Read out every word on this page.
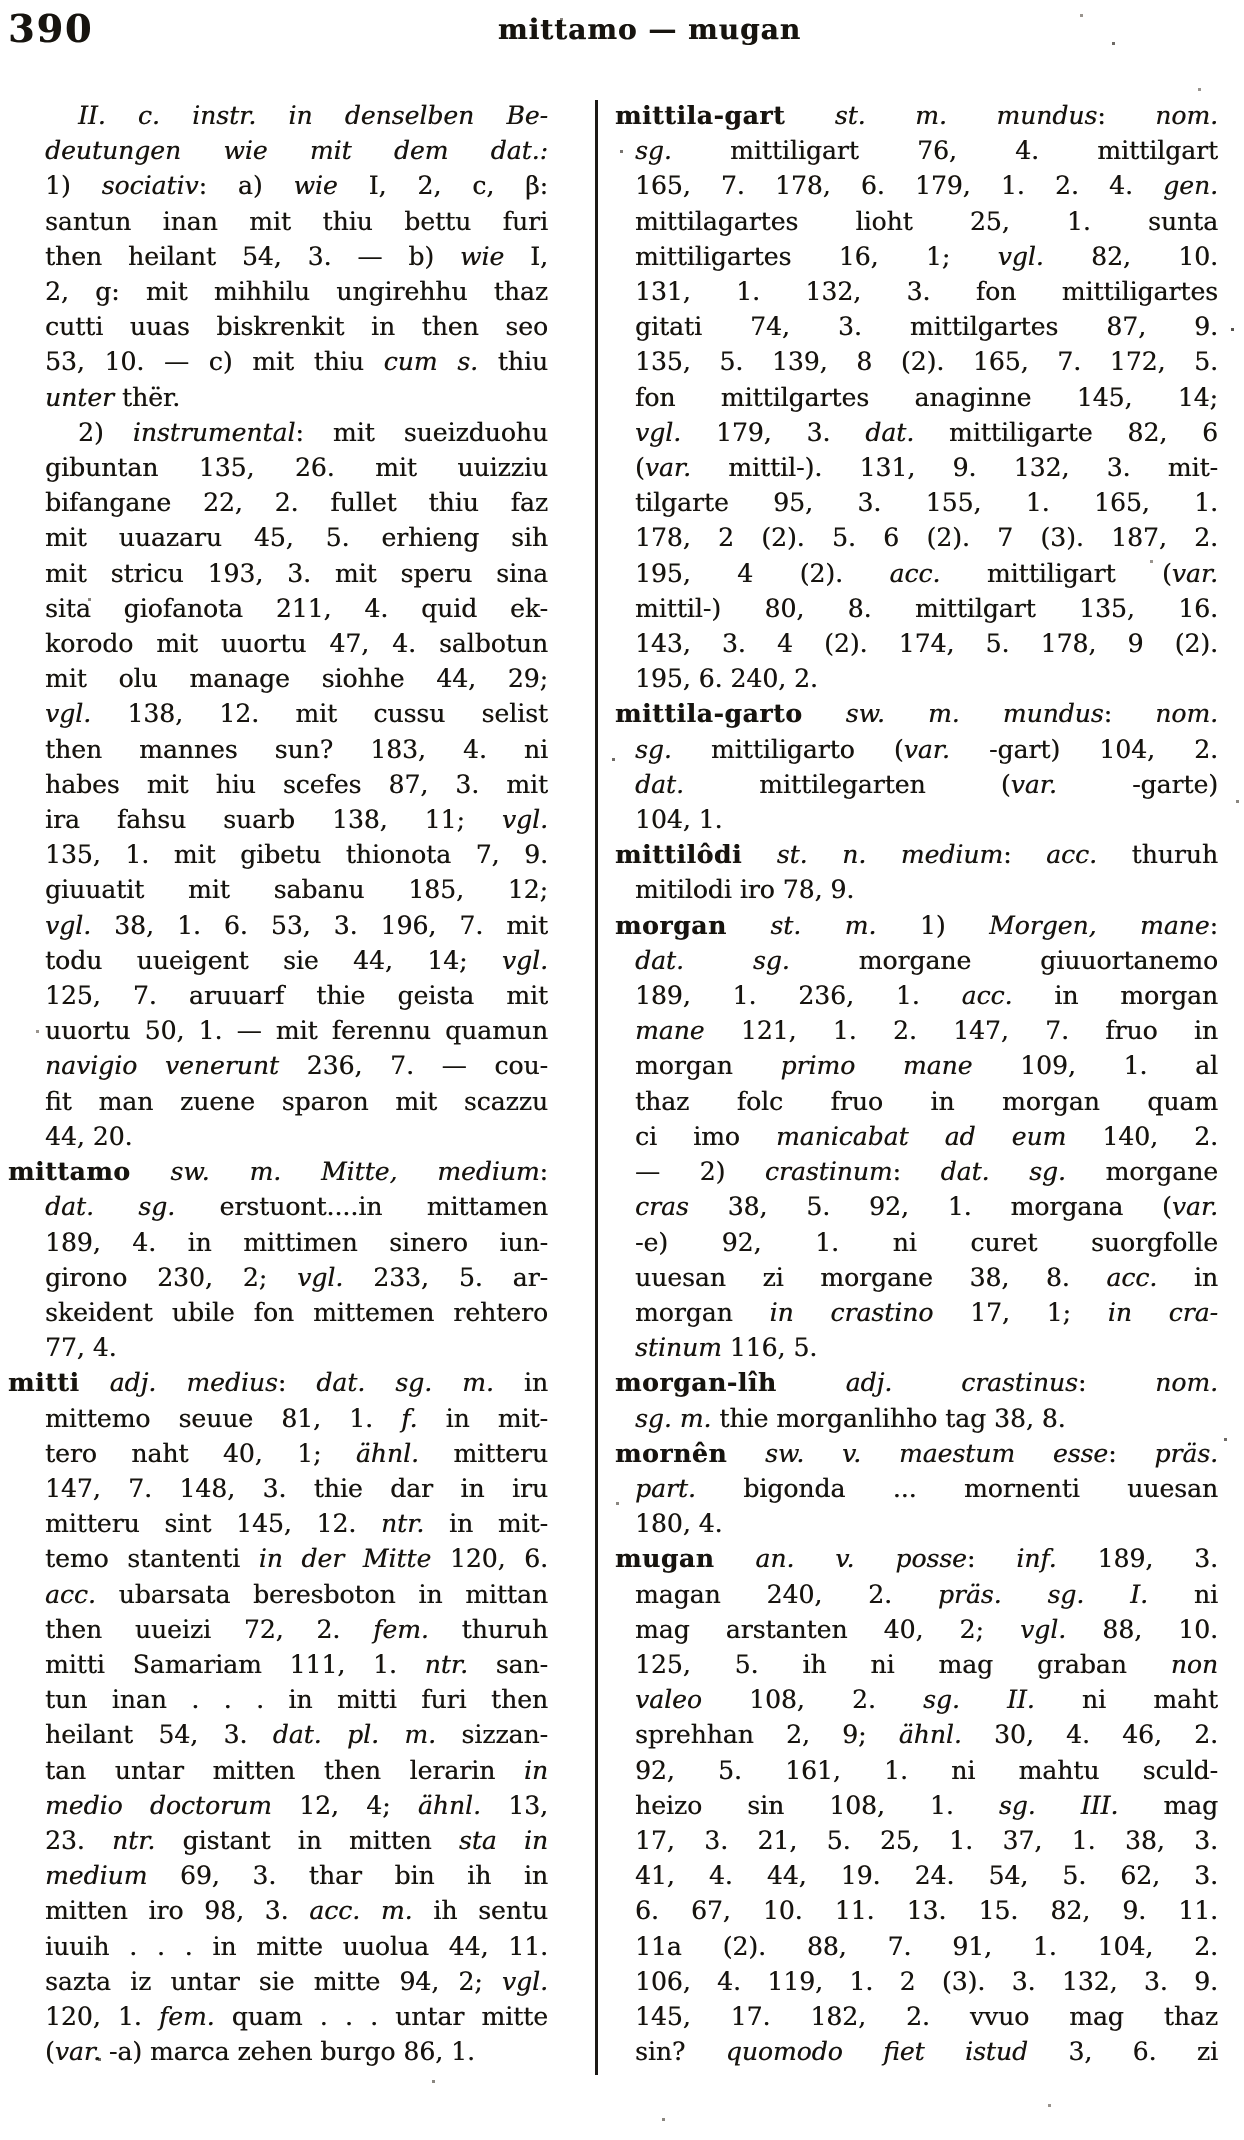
390	mittamo — mugan
II. c. instr. in denselben Be-
deutungen wie mit dem dat.:
1) sociativ: a) wie I, 2, c, β:
santun inan mit thiu bettu furi
then heilant 54, 3. — b) wie I,
2, g: mit mihhilu ungirehhu thaz
cutti uuas biskrenkit in then seo
53, 10. — c) mit thiu cum s. thiu
unter thër.
2) instrumental: mit sueizduohu
gibuntan 135, 26. mit uuizziu
bifangane 22, 2. fullet thiu faz
mit uuazaru 45, 5. erhieng sih
mit stricu 193, 3. mit speru sina
sita giofanota 211, 4. quid ek-
korodo mit uuortu 47, 4. salbotun
mit olu manage siohhe 44, 29;
vgl. 138, 12. mit cussu selist
then mannes sun? 183, 4. ni
habes mit hiu scefes 87, 3. mit
ira fahsu suarb 138, 11; vgl.
135, 1. mit gibetu thionota 7, 9.
giuuatit mit sabanu 185, 12;
vgl. 38, 1. 6. 53, 3. 196, 7. mit
todu uueigent sie 44, 14; vgl.
125, 7. aruuarf thie geista mit
uuortu 50, 1. — mit ferennu quamun
navigio venerunt 236, 7. — cou-
fit man zuene sparon mit scazzu
44, 20.
mittamo sw. m. Mitte, medium:
dat. sg. erstuont....in mittamen
189, 4. in mittimen sinero iun-
girono 230, 2; vgl. 233, 5. ar-
skeident ubile fon mittemen rehtero
77, 4.
mitti adj. medius: dat. sg. m. in
mittemo seuue 81, 1. f. in mit-
tero naht 40, 1; ähnl. mitteru
147, 7. 148, 3. thie dar in iru
mitteru sint 145, 12. ntr. in mit-
temo stantenti in der Mitte 120, 6.
acc. ubarsata beresboton in mittan
then uueizi 72, 2. fem. thuruh
mitti Samariam 111, 1. ntr. san-
tun inan . . . in mitti furi then
heilant 54, 3. dat. pl. m. sizzan-
tan untar mitten then lerarin in
medio doctorum 12, 4; ähnl. 13,
23. ntr. gistant in mitten sta in
medium 69, 3. thar bin ih in
mitten iro 98, 3. acc. m. ih sentu
iuuih . . . in mitte uuolua 44, 11.
sazta iz untar sie mitte 94, 2; vgl.
120, 1. fem. quam . . . untar mitte
(var. -a) marca zehen burgo 86, 1.
mittila-gart st. m. mundus: nom.
sg. mittiligart 76, 4. mittilgart
165, 7. 178, 6. 179, 1. 2. 4. gen.
mittilagartes lioht 25, 1. sunta
mittiligartes 16, 1; vgl. 82, 10.
131, 1. 132, 3. fon mittiligartes
gitati 74, 3. mittilgartes 87, 9.
135, 5. 139, 8 (2). 165, 7. 172, 5.
fon mittilgartes anaginne 145, 14;
vgl. 179, 3. dat. mittiligarte 82, 6
(var. mittil-). 131, 9. 132, 3. mit-
tilgarte 95, 3. 155, 1. 165, 1.
178, 2 (2). 5. 6 (2). 7 (3). 187, 2.
195, 4 (2). acc. mittiligart (var.
mittil-) 80, 8. mittilgart 135, 16.
143, 3. 4 (2). 174, 5. 178, 9 (2).
195, 6. 240, 2.
mittila-garto sw. m. mundus: nom.
sg. mittiligarto (var. -gart) 104, 2.
dat. mittilegarten (var. -garte)
104, 1.
mittilôdi st. n. medium: acc. thuruh
mitilodi iro 78, 9.
morgan st. m. 1) Morgen, mane:
dat. sg. morgane giuuortanemo
189, 1. 236, 1. acc. in morgan
mane 121, 1. 2. 147, 7. fruo in
morgan primo mane 109, 1. al
thaz folc fruo in morgan quam
ci imo manicabat ad eum 140, 2.
— 2) crastinum: dat. sg. morgane
cras 38, 5. 92, 1. morgana (var.
-e) 92, 1. ni curet suorgfolle
uuesan zi morgane 38, 8. acc. in
morgan in crastino 17, 1; in cra-
stinum 116, 5.
morgan-lîh	adj. crastinus: nom.
sg. m. thie morganlihho tag 38, 8.
mornên sw. v. maestum esse: präs.
part. bigonda ... mornenti uuesan
180, 4.
mugan an. v. posse: inf. 189, 3.
magan 240, 2. präs. sg. I. ni
mag arstanten 40, 2; vgl. 88, 10.
125, 5. ih ni mag graban non
valeo 108, 2. sg. II. ni maht
sprehhan 2, 9; ähnl. 30, 4. 46, 2.
92, 5. 161, 1. ni mahtu sculd-
heizo sin 108, 1. sg. III. mag
17, 3. 21, 5. 25, 1. 37, 1. 38, 3.
41, 4. 44, 19. 24. 54, 5. 62, 3.
6. 67, 10. 11. 13. 15. 82, 9. 11.
11a (2). 88, 7. 91, 1. 104, 2.
106, 4. 119, 1. 2 (3). 3. 132, 3. 9.
145, 17. 182, 2. vvuo mag thaz
sin? quomodo fiet istud 3, 6. zi
